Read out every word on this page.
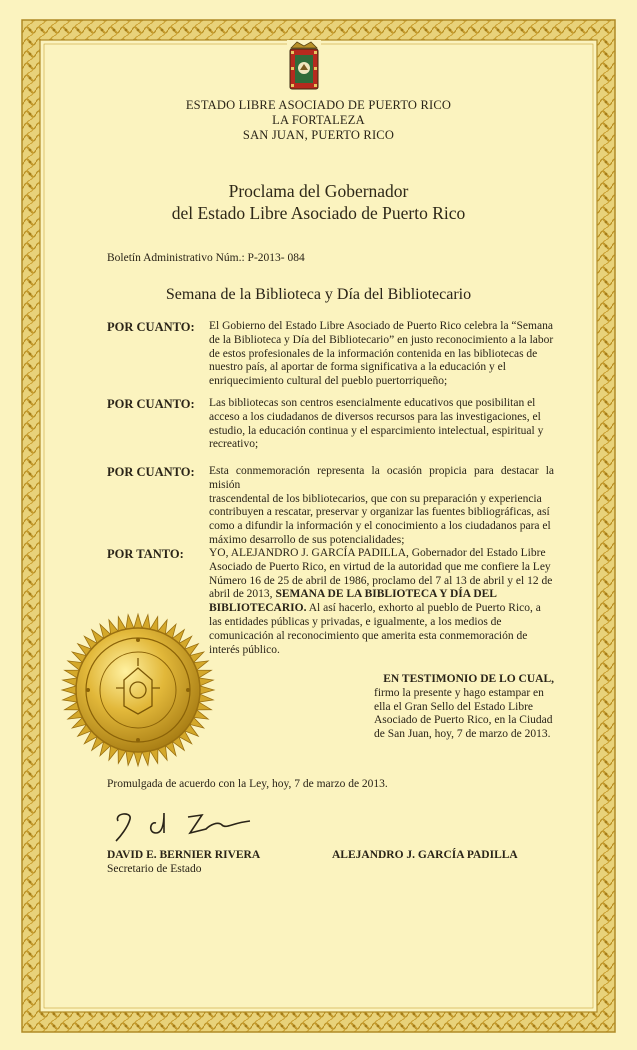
ESTADO LIBRE ASOCIADO DE PUERTO RICO
LA FORTALEZA
SAN JUAN, PUERTO RICO
Proclama del Gobernador
del Estado Libre Asociado de Puerto Rico
Boletín Administrativo Núm.: P-2013- 084
Semana de la Biblioteca y Día del Bibliotecario
POR CUANTO: El Gobierno del Estado Libre Asociado de Puerto Rico celebra la “Semana
de la Biblioteca y Día del Bibliotecario” en justo reconocimiento a la labor
de estos profesionales de la información contenida en las bibliotecas de
nuestro país, al aportar de forma significativa a la educación y el
enriquecimiento cultural del pueblo puertorriqueño;
POR CUANTO: Las bibliotecas son centros esencialmente educativos que posibilitan el
acceso a los ciudadanos de diversos recursos para las investigaciones, el
estudio, la educación continua y el esparcimiento intelectual, espiritual y
recreativo;
POR CUANTO: Esta conmemoración representa la ocasión propicia para destacar la misión
trascendental de los bibliotecarios, que con su preparación y experiencia
contribuyen a rescatar, preservar y organizar las fuentes bibliográficas, así
como a difundir la información y el conocimiento a los ciudadanos para el
máximo desarrollo de sus potencialidades;
POR TANTO: YO, ALEJANDRO J. GARCÍA PADILLA, Gobernador del Estado Libre
Asociado de Puerto Rico, en virtud de la autoridad que me confiere la Ley
Número 16 de 25 de abril de 1986, proclamo del 7 al 13 de abril y el 12 de
abril de 2013, SEMANA DE LA BIBLIOTECA Y DÍA DEL
BIBLIOTECARIO. Al así hacerlo, exhorto al pueblo de Puerto Rico, a
las entidades públicas y privadas, e igualmente, a los medios de
comunicación al reconocimiento que amerita esta conmemoración de
interés público.
EN TESTIMONIO DE LO CUAL,
firmo la presente y hago estampar en
ella el Gran Sello del Estado Libre
Asociado de Puerto Rico, en la Ciudad
de San Juan, hoy, 7 de marzo de 2013.
Promulgada de acuerdo con la Ley, hoy, 7 de marzo de 2013.
DAVID E. BERNIER RIVERA
Secretario de Estado
ALEJANDRO J. GARCÍA PADILLA
